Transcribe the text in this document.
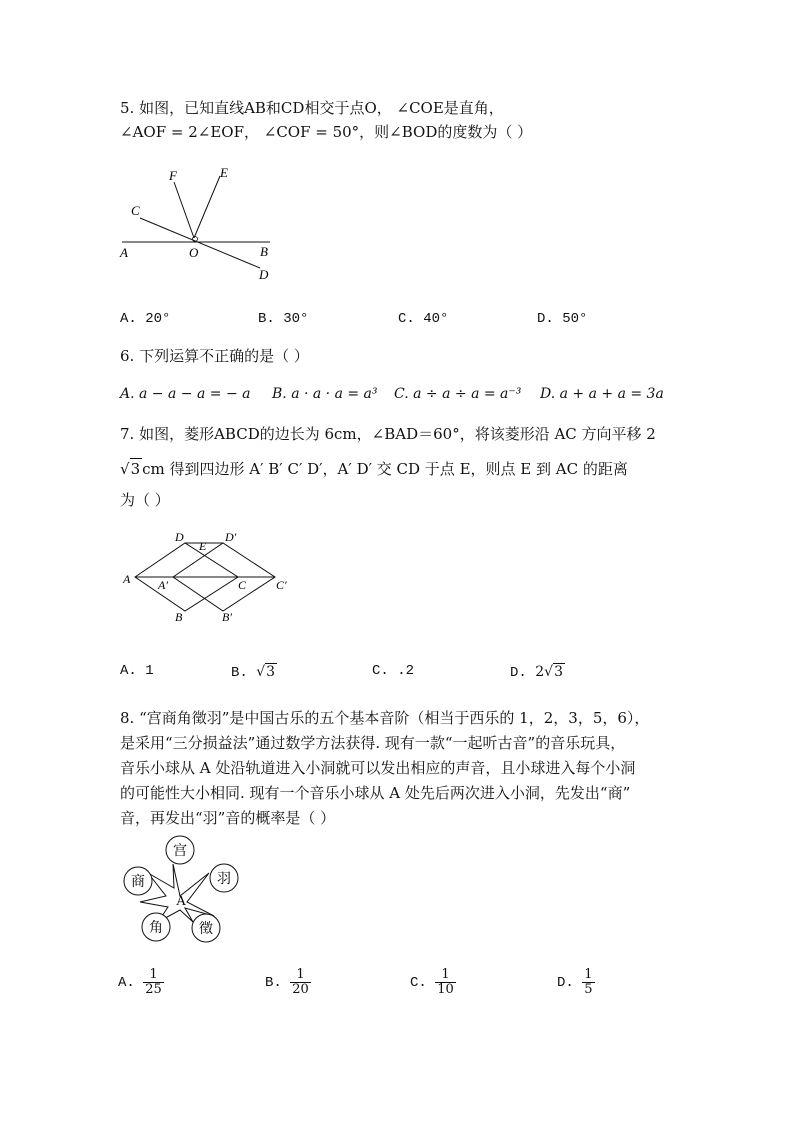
5. 如图，已知直线AB和CD相交于点O， ∠COE是直角，
∠AOF = 2∠EOF， ∠COF = 50°，则∠BOD的度数为（ ）
F	E
C
A	O	B
D
A. 20°	B. 30°	C. 40°	D. 50°
6. 下列运算不正确的是（ ）
A. a − a − a = − a B. a · a · a = a³ C. a ÷ a ÷ a = a⁻³ D. a + a + a = 3a
7. 如图，菱形ABCD的边长为 6cm，∠BAD＝60°，将该菱形沿 AC 方向平移 2
√3 cm 得到四边形 A′ B′ C′ D′，A′ D′ 交 CD 于点 E，则点 E 到 AC 的距离
为（ ）
D
E
D′
A A′	C C′
B	B′
A. 1	B. √3	C. .2	D. 2√3
8. “宫商角徵羽”是中国古乐的五个基本音阶（相当于西乐的 1，2，3，5，6），
是采用“三分损益法”通过数学方法获得. 现有一款“一起听古音”的音乐玩具，
音乐小球从 A 处沿轨道进入小洞就可以发出相应的声音，且小球进入每个小洞
的可能性大小相同. 现有一个音乐小球从 A 处先后两次进入小洞，先发出“商”
音，再发出“羽”音的概率是（ ）
宫
商	羽
角	徵
A
A. $\frac{1}{25}$	B. $\frac{1}{20}$	C. $\frac{1}{10}$	D. $\frac{1}{5}$
